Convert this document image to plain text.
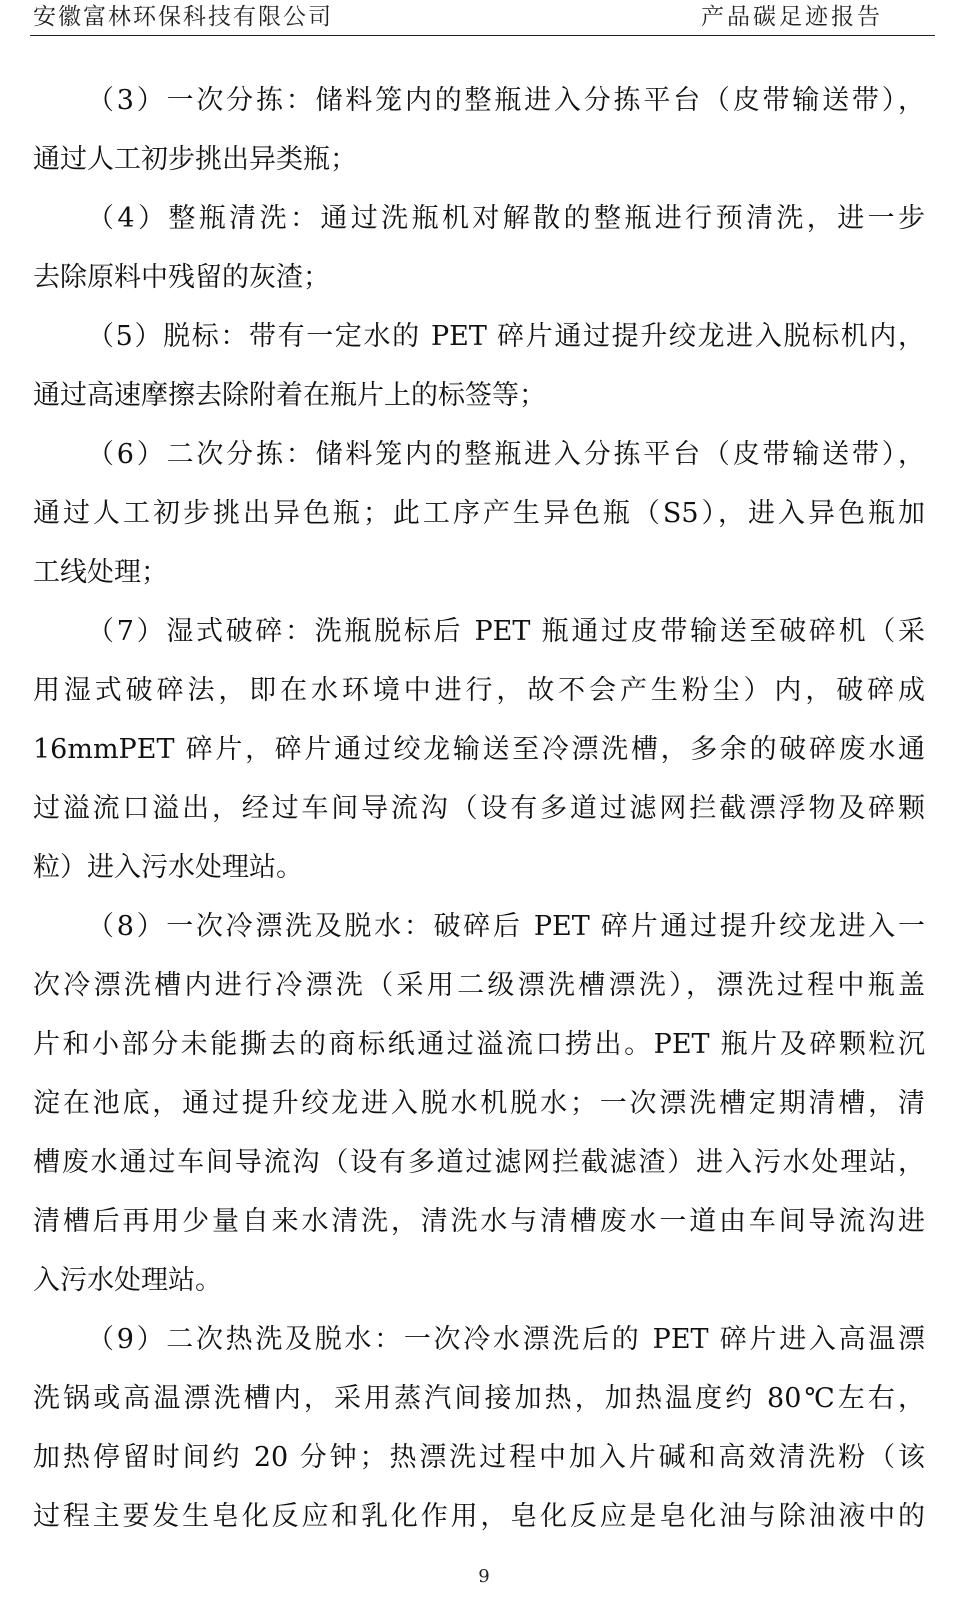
安徽富林环保科技有限公司	产品碳足迹报告
（3）一次分拣：储料笼内的整瓶进入分拣平台（皮带输送带），
通过人工初步挑出异类瓶；
（4）整瓶清洗：通过洗瓶机对解散的整瓶进行预清洗，进一步
去除原料中残留的灰渣；
（5）脱标：带有一定水的 PET 碎片通过提升绞龙进入脱标机内，
通过高速摩擦去除附着在瓶片上的标签等；
（6）二次分拣：储料笼内的整瓶进入分拣平台（皮带输送带），
通过人工初步挑出异色瓶；此工序产生异色瓶（S5），进入异色瓶加
工线处理；
（7）湿式破碎：洗瓶脱标后 PET 瓶通过皮带输送至破碎机（采
用湿式破碎法，即在水环境中进行，故不会产生粉尘）内，破碎成
16mmPET 碎片，碎片通过绞龙输送至冷漂洗槽，多余的破碎废水通
过溢流口溢出，经过车间导流沟（设有多道过滤网拦截漂浮物及碎颗
粒）进入污水处理站。
（8）一次冷漂洗及脱水：破碎后 PET 碎片通过提升绞龙进入一
次冷漂洗槽内进行冷漂洗（采用二级漂洗槽漂洗），漂洗过程中瓶盖
片和小部分未能撕去的商标纸通过溢流口捞出。PET 瓶片及碎颗粒沉
淀在池底，通过提升绞龙进入脱水机脱水；一次漂洗槽定期清槽，清
槽废水通过车间导流沟（设有多道过滤网拦截滤渣）进入污水处理站，
清槽后再用少量自来水清洗，清洗水与清槽废水一道由车间导流沟进
入污水处理站。
（9）二次热洗及脱水：一次冷水漂洗后的 PET 碎片进入高温漂
洗锅或高温漂洗槽内，采用蒸汽间接加热，加热温度约 80℃左右，
加热停留时间约 20 分钟；热漂洗过程中加入片碱和高效清洗粉（该
过程主要发生皂化反应和乳化作用，皂化反应是皂化油与除油液中的
9
